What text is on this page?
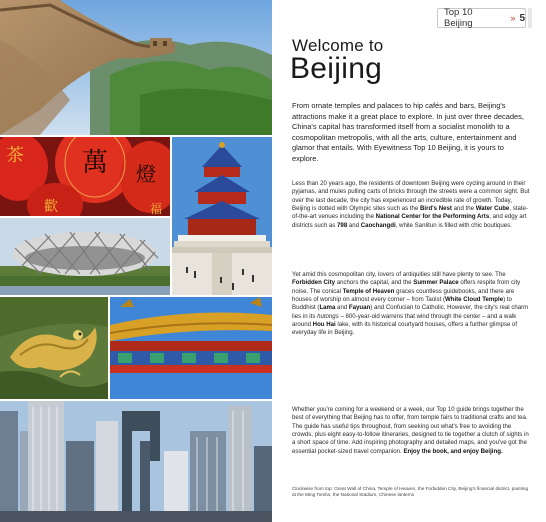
茶 萬 燈
歡	福
Top 10 Beijing	» 5
Welcome to
Beijing

From ornate temples and palaces to hip cafés and bars, Beijing's attractions make it a great place to explore. In just over three decades, China's capital has transformed itself from a socialist monolith to a cosmopolitan metropolis, with all the arts, culture, entertainment and glamor that entails. With Eyewitness Top 10 Beijing, it is yours to explore.

Less than 20 years ago, the residents of downtown Beijing were cycling around in their pyjamas, and mules pulling carts of bricks through the streets were a common sight. But over the last decade, the city has experienced an incredible rate of growth. Today, Beijing is dotted with Olympic sites such as the Bird's Nest and the Water Cube, state-of-the-art venues including the National Center for the Performing Arts, and edgy art districts such as 798 and Caochangdi, while Sanlitun is filled with chic boutiques.

Yet amid this cosmopolitan city, lovers of antiquities still have plenty to see. The Forbidden City anchors the capital, and the Summer Palace offers respite from city noise. The conical Temple of Heaven graces countless guidebooks, and there are houses of worship on almost every corner – from Taoist (White Cloud Temple) to Buddhist (Lama and Fayuan) and Confucian to Catholic. However, the city's real charm lies in its hutongs – 800-year-old warrens that wind through the center – and a walk around Hou Hai lake, with its historical courtyard houses, offers a further glimpse of everyday life in Beijing.

Whether you're coming for a weekend or a week, our Top 10 guide brings together the best of everything that Beijing has to offer, from temple fairs to traditional crafts and tea. The guide has useful tips throughout, from seeking out what's free to avoiding the crowds, plus eight easy-to-follow itineraries, designed to tie together a clutch of sights in a short space of time. Add inspiring photography and detailed maps, and you've got the essential pocket-sized travel companion. Enjoy the book, and enjoy Beijing.

Clockwise from top: Great Wall of China, Temple of Heaven, the Forbidden City, Beijing's financial district, painting at the Ming Tombs, the National Stadium, Chinese lanterns
